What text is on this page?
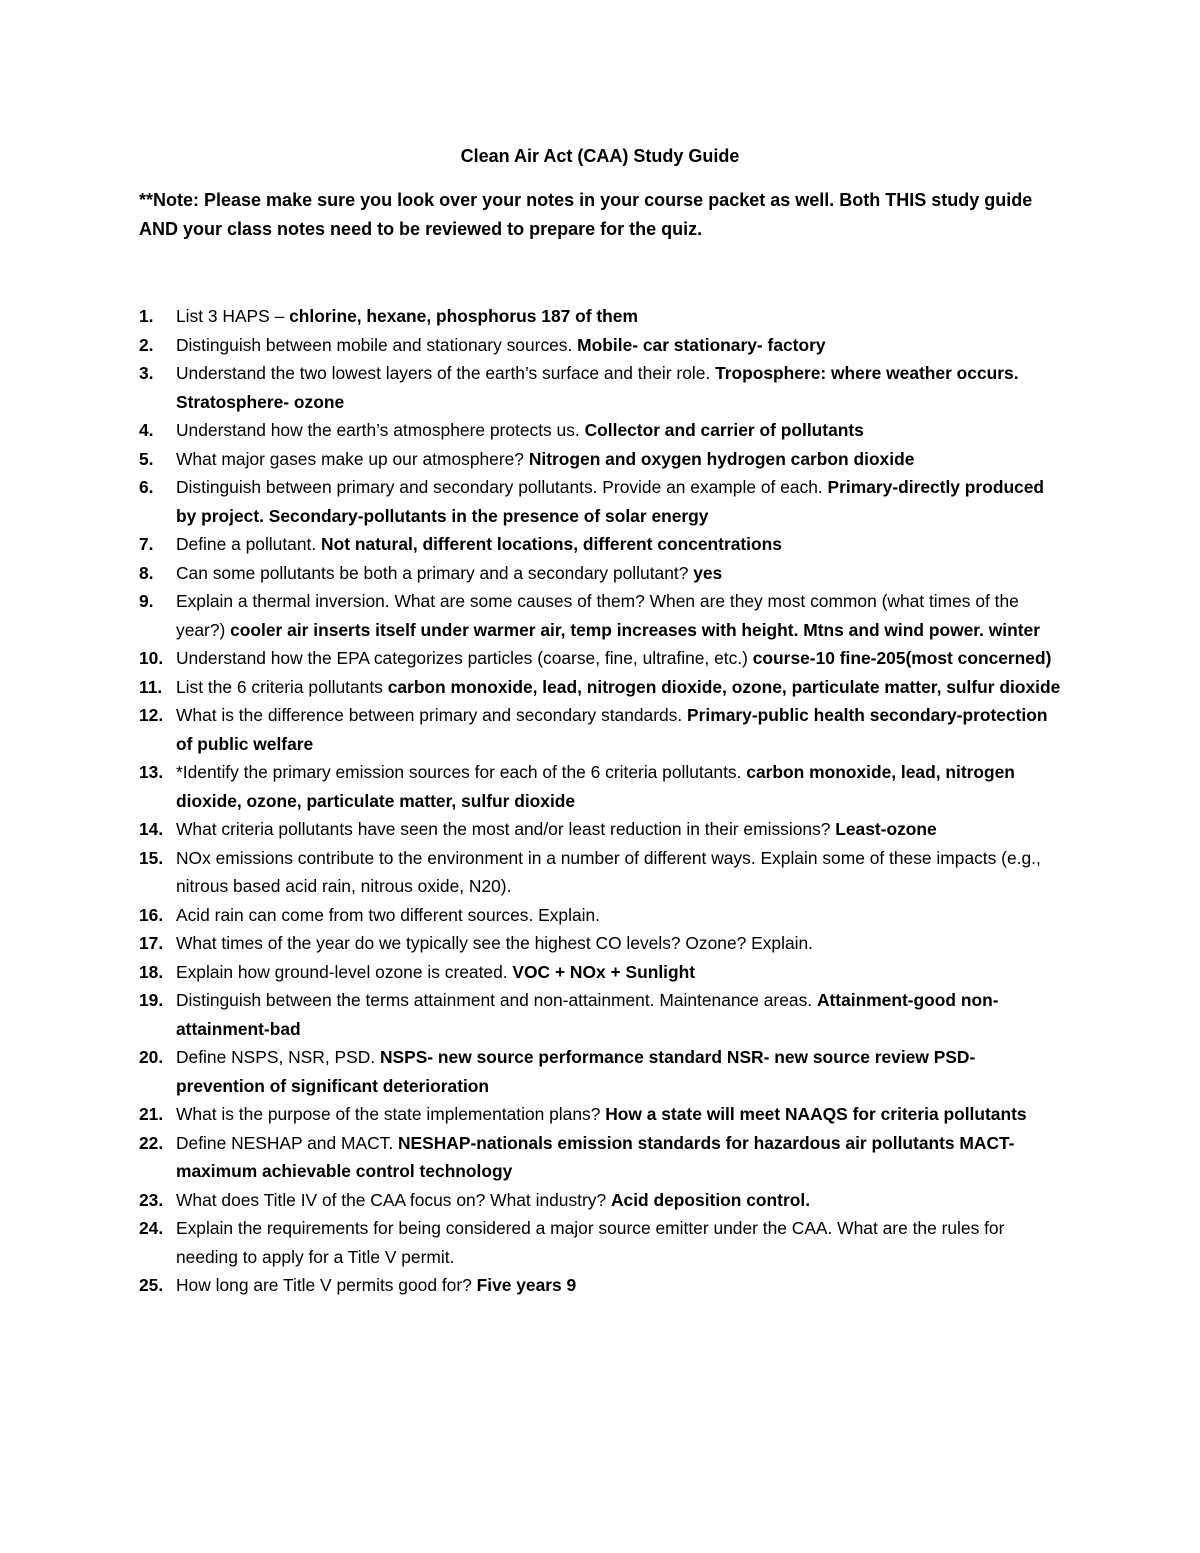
Clean Air Act (CAA) Study Guide

**Note: Please make sure you look over your notes in your course packet as well. Both THIS study guide AND your class notes need to be reviewed to prepare for the quiz.

1. List 3 HAPS – chlorine, hexane, phosphorus 187 of them
2. Distinguish between mobile and stationary sources. Mobile- car stationary- factory
3. Understand the two lowest layers of the earth’s surface and their role. Troposphere: where weather occurs. Stratosphere- ozone
4. Understand how the earth’s atmosphere protects us. Collector and carrier of pollutants
5. What major gases make up our atmosphere? Nitrogen and oxygen hydrogen carbon dioxide
6. Distinguish between primary and secondary pollutants. Provide an example of each. Primary-directly produced by project. Secondary-pollutants in the presence of solar energy
7. Define a pollutant. Not natural, different locations, different concentrations
8. Can some pollutants be both a primary and a secondary pollutant? yes
9. Explain a thermal inversion. What are some causes of them? When are they most common (what times of the year?) cooler air inserts itself under warmer air, temp increases with height. Mtns and wind power. winter
10. Understand how the EPA categorizes particles (coarse, fine, ultrafine, etc.) course-10 fine-205(most concerned)
11. List the 6 criteria pollutants carbon monoxide, lead, nitrogen dioxide, ozone, particulate matter, sulfur dioxide
12. What is the difference between primary and secondary standards. Primary-public health secondary-protection of public welfare
13. *Identify the primary emission sources for each of the 6 criteria pollutants. carbon monoxide, lead, nitrogen dioxide, ozone, particulate matter, sulfur dioxide
14. What criteria pollutants have seen the most and/or least reduction in their emissions? Least-ozone
15. NOx emissions contribute to the environment in a number of different ways. Explain some of these impacts (e.g., nitrous based acid rain, nitrous oxide, N20).
16. Acid rain can come from two different sources. Explain.
17. What times of the year do we typically see the highest CO levels? Ozone? Explain.
18. Explain how ground-level ozone is created. VOC + NOx + Sunlight
19. Distinguish between the terms attainment and non-attainment. Maintenance areas. Attainment-good non-attainment-bad
20. Define NSPS, NSR, PSD. NSPS- new source performance standard NSR- new source review PSD-prevention of significant deterioration
21. What is the purpose of the state implementation plans? How a state will meet NAAQS for criteria pollutants
22. Define NESHAP and MACT. NESHAP-nationals emission standards for hazardous air pollutants MACT- maximum achievable control technology
23. What does Title IV of the CAA focus on? What industry? Acid deposition control.
24. Explain the requirements for being considered a major source emitter under the CAA. What are the rules for needing to apply for a Title V permit.
25. How long are Title V permits good for? Five years 9
